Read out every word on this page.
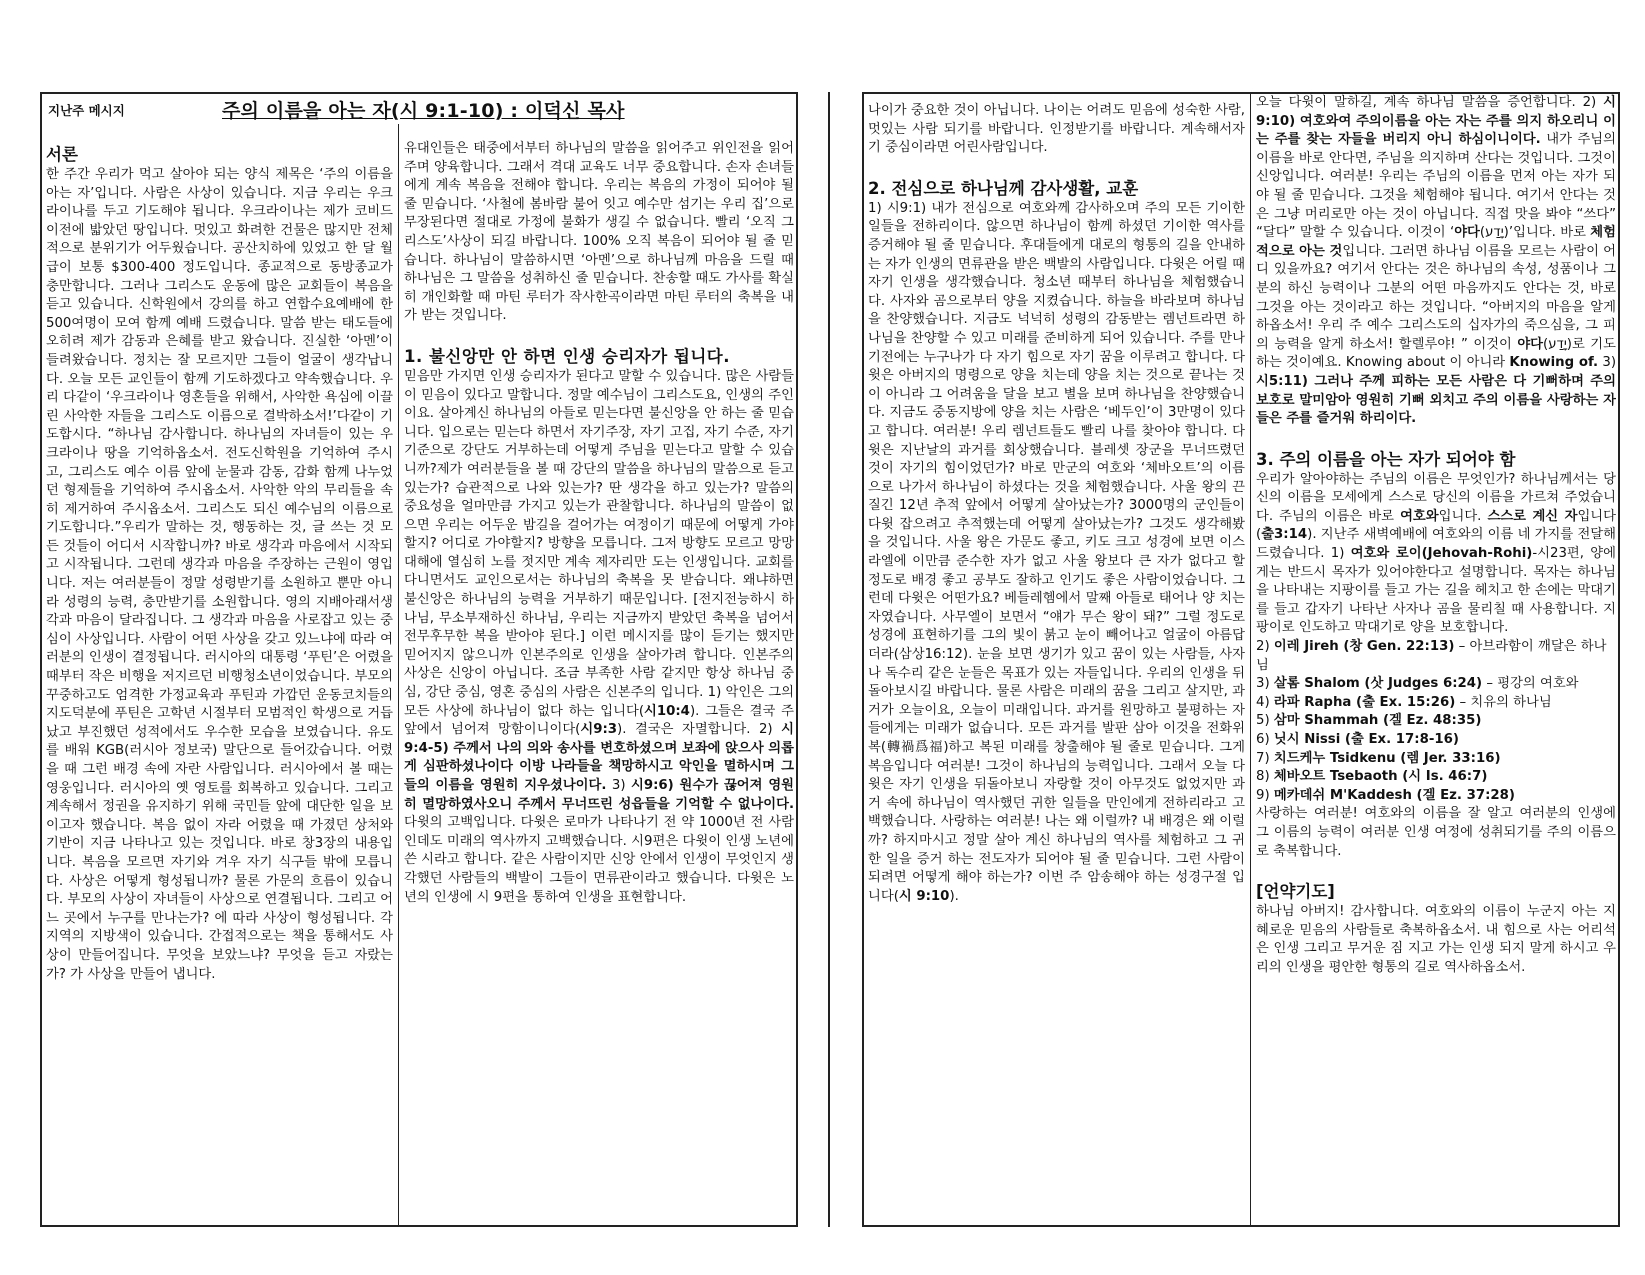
지난주 메시지	주의 이름을 아는 자(시 9:1-10) : 이덕신 목사
서론

한 주간 우리가 먹고 살아야 되는 양식 제목은 ‘주의 이름을 아는 자’입니다. 사람은 사상이 있습니다. 지금 우리는 우크라이나를 두고 기도해야 됩니다. 우크라이나는 제가 코비드 이전에 밟았던 땅입니다. 멋있고 화려한 건물은 많지만 전체적으로 분위기가 어두웠습니다. 공산치하에 있었고 한 달 월급이 보통 $300-400 정도입니다. 종교적으로 동방종교가 충만합니다. 그러나 그리스도 운동에 많은 교회들이 복음을 듣고 있습니다. 신학원에서 강의를 하고 연합수요예배에 한 500여명이 모여 함께 예배 드렸습니다. 말씀 받는 태도들에 오히려 제가 감동과 은혜를 받고 왔습니다. 진실한 ‘아멘’이 들려왔습니다. 정치는 잘 모르지만 그들이 얼굴이 생각납니다. 오늘 모든 교인들이 함께 기도하겠다고 약속했습니다. 우리 다같이 ‘우크라이나 영혼들을 위해서, 사악한 욕심에 이끌린 사악한 자들을 그리스도 이름으로 결박하소서!’다같이 기도합시다. “하나님 감사합니다. 하나님의 자녀들이 있는 우크라이나 땅을 기억하옵소서. 전도신학원을 기억하여 주시고, 그리스도 예수 이름 앞에 눈물과 감동, 감화 함께 나누었던 형제들을 기억하여 주시옵소서. 사악한 악의 무리들을 속히 제거하여 주시옵소서. 그리스도 되신 예수님의 이름으로 기도합니다.”우리가 말하는 것, 행동하는 것, 글 쓰는 것 모든 것들이 어디서 시작합니까? 바로 생각과 마음에서 시작되고 시작됩니다. 그런데 생각과 마음을 주장하는 근원이 영입니다. 저는 여러분들이 정말 성령받기를 소원하고 뿐만 아니라 성령의 능력, 충만받기를 소원합니다. 영의 지배아래서생각과 마음이 달라집니다. 그 생각과 마음을 사로잡고 있는 중심이 사상입니다. 사람이 어떤 사상을 갖고 있느냐에 따라 여러분의 인생이 결정됩니다. 러시아의 대통령 ‘푸틴’은 어렸을 때부터 작은 비행을 저지르던 비행청소년이었습니다. 부모의 꾸중하고도 엄격한 가정교육과 푸틴과 가깝던 운동코치들의 지도덕분에 푸틴은 고학년 시절부터 모범적인 학생으로 거듭났고 부진했던 성적에서도 우수한 모습을 보였습니다. 유도를 배워 KGB(러시아 정보국) 말단으로 들어갔습니다. 어렸을 때 그런 배경 속에 자란 사람입니다. 러시아에서 볼 때는 영웅입니다. 러시아의 옛 영토를 회복하고 있습니다. 그리고 계속해서 정권을 유지하기 위해 국민들 앞에 대단한 일을 보이고자 했습니다. 복음 없이 자라 어렸을 때 가졌던 상처와 기반이 지금 나타나고 있는 것입니다. 바로 창3장의 내용입니다. 복음을 모르면 자기와 겨우 자기 식구들 밖에 모릅니다. 사상은 어떻게 형성됩니까? 물론 가문의 흐름이 있습니다. 부모의 사상이 자녀들이 사상으로 연결됩니다. 그리고 어느 곳에서 누구를 만나는가? 에 따라 사상이 형성됩니다. 각 지역의 지방색이 있습니다. 간접적으로는 책을 통해서도 사상이 만들어집니다. 무엇을 보았느냐? 무엇을 듣고 자랐는가? 가 사상을 만들어 냅니다.

유대인들은 태중에서부터 하나님의 말씀을 읽어주고 위인전을 읽어주며 양육합니다. 그래서 격대 교육도 너무 중요합니다. 손자 손녀들에게 계속 복음을 전해야 합니다. 우리는 복음의 가정이 되어야 될 줄 믿습니다. ‘사철에 봄바람 불어 잇고 예수만 섬기는 우리 집’으로 무장된다면 절대로 가정에 불화가 생길 수 없습니다. 빨리 ‘오직 그리스도’사상이 되길 바랍니다. 100% 오직 복음이 되어야 될 줄 믿습니다. 하나님이 말씀하시면 ‘아멘’으로 하나님께 마음을 드릴 때 하나님은 그 말씀을 성취하신 줄 믿습니다. 찬송할 때도 가사를 확실히 개인화할 때 마틴 루터가 작사한곡이라면 마틴 루터의 축복을 내가 받는 것입니다.

1. 불신앙만 안 하면 인생 승리자가 됩니다.

믿음만 가지면 인생 승리자가 된다고 말할 수 있습니다. 많은 사람들이 믿음이 있다고 말합니다. 정말 예수님이 그리스도요, 인생의 주인이요. 살아계신 하나님의 아들로 믿는다면 불신앙을 안 하는 줄 믿습니다. 입으로는 믿는다 하면서 자기주장, 자기 고집, 자기 수준, 자기 기준으로 강단도 거부하는데 어떻게 주님을 믿는다고 말할 수 있습니까?제가 여러분들을 볼 때 강단의 말씀을 하나님의 말씀으로 듣고 있는가? 습관적으로 나와 있는가? 딴 생각을 하고 있는가? 말씀의 중요성을 얼마만큼 가지고 있는가 관찰합니다. 하나님의 말씀이 없으면 우리는 어두운 밤길을 걸어가는 여정이기 때문에 어떻게 가야할지? 어디로 가야할지? 방향을 모릅니다. 그저 방향도 모르고 망망대해에 열심히 노를 젓지만 계속 제자리만 도는 인생입니다. 교회를 다니면서도 교인으로서는 하나님의 축복을 못 받습니다. 왜냐하면 불신앙은 하나님의 능력을 거부하기 때문입니다. [전지전능하시 하나님, 무소부재하신 하나님, 우리는 지금까지 받았던 축복을 넘어서 전무후무한 복을 받아야 된다.] 이런 메시지를 많이 듣기는 했지만 믿어지지 않으니까 인본주의로 인생을 살아가려 합니다. 인본주의 사상은 신앙이 아닙니다. 조금 부족한 사람 같지만 항상 하나님 중심, 강단 중심, 영혼 중심의 사람은 신본주의 입니다. 1) 악인은 그의 모든 사상에 하나님이 없다 하는 입니다(시10:4). 그들은 결국 주 앞에서 넘어져 망함이니이다(시9:3). 결국은 자멸합니다. 2) 시9:4-5) 주께서 나의 의와 송사를 변호하셨으며 보좌에 앉으사 의롭게 심판하셨나이다 이방 나라들을 책망하시고 악인을 멸하시며 그들의 이름을 영원히 지우셨나이다. 3) 시9:6) 원수가 끊어져 영원히 멸망하였사오니 주께서 무너뜨린 성읍들을 기억할 수 없나이다. 다윗의 고백입니다. 다윗은 로마가 나타나기 전 약 1000년 전 사람인데도 미래의 역사까지 고백했습니다. 시9편은 다윗이 인생 노년에 쓴 시라고 합니다. 같은 사람이지만 신앙 안에서 인생이 무엇인지 생각했던 사람들의 백발이 그들이 면류관이라고 했습니다. 다윗은 노년의 인생에 시 9편을 통하여 인생을 표현합니다.

나이가 중요한 것이 아닙니다. 나이는 어려도 믿음에 성숙한 사람, 멋있는 사람 되기를 바랍니다. 인정받기를 바랍니다. 계속해서자기 중심이라면 어린사람입니다.

2. 전심으로 하나님께 감사생활, 교훈

1) 시9:1) 내가 전심으로 여호와께 감사하오며 주의 모든 기이한일들을 전하리이다. 않으면 하나님이 함께 하셨던 기이한 역사를 증거해야 될 줄 믿습니다. 후대들에게 대로의 형통의 길을 안내하는 자가 인생의 면류관을 받은 백발의 사람입니다. 다윗은 어릴 때 자기 인생을 생각했습니다. 청소년 때부터 하나님을 체험했습니다. 사자와 곰으로부터 양을 지켰습니다. 하늘을 바라보며 하나님을 찬양했습니다. 지금도 넉넉히 성령의 감동받는 렘넌트라면 하나님을 찬양할 수 있고 미래를 준비하게 되어 있습니다. 주를 만나기전에는 누구나가 다 자기 힘으로 자기 꿈을 이루려고 합니다. 다윗은 아버지의 명령으로 양을 치는데 양을 치는 것으로 끝나는 것이 아니라 그 어려움을 달을 보고 별을 보며 하나님을 찬양했습니다. 지금도 중동지방에 양을 치는 사람은 ‘베두인’이 3만명이 있다고 합니다. 여러분! 우리 렘넌트들도 빨리 나를 찾아야 합니다. 다윗은 지난날의 과거를 회상했습니다. 블레셋 장군을 무너뜨렸던 것이 자기의 힘이었던가? 바로 만군의 여호와 ‘체바오트’의 이름으로 나가서 하나님이 하셨다는 것을 체험했습니다. 사울 왕의 끈질긴 12년 추적 앞에서 어떻게 살아났는가? 3000명의 군인들이 다윗 잡으려고 추적했는데 어떻게 살아났는가? 그것도 생각해봤을 것입니다. 사울 왕은 가문도 좋고, 키도 크고 성경에 보면 이스라엘에 이만큼 준수한 자가 없고 사울 왕보다 큰 자가 없다고 할 정도로 배경 좋고 공부도 잘하고 인기도 좋은 사람이었습니다. 그런데 다윗은 어떤가요? 베들레헴에서 말째 아들로 태어나 양 치는 자였습니다. 사무엘이 보면서 “얘가 무슨 왕이 돼?” 그럴 정도로 성경에 표현하기를 그의 빛이 붉고 눈이 빼어나고 얼굴이 아름답더라(삼상16:12). 눈을 보면 생기가 있고 꿈이 있는 사람들, 사자나 독수리 같은 눈들은 목표가 있는 자들입니다. 우리의 인생을 뒤돌아보시길 바랍니다. 물론 사람은 미래의 꿈을 그리고 살지만, 과거가 오늘이요, 오늘이 미래입니다. 과거를 원망하고 불평하는 자들에게는 미래가 없습니다. 모든 과거를 발판 삼아 이것을 전화위복(轉禍爲福)하고 복된 미래를 창출해야 될 줄로 믿습니다. 그게 복음입니다 여러분! 그것이 하나님의 능력입니다. 그래서 오늘 다윗은 자기 인생을 뒤돌아보니 자랑할 것이 아무것도 없었지만 과거 속에 하나님이 역사했던 귀한 일들을 만인에게 전하리라고 고백했습니다. 사랑하는 여러분! 나는 왜 이럴까? 내 배경은 왜 이럴까? 하지마시고 정말 살아 계신 하나님의 역사를 체험하고 그 귀한 일을 증거 하는 전도자가 되어야 될 줄 믿습니다. 그런 사람이 되려면 어떻게 해야 하는가? 이번 주 암송해야 하는 성경구절 입니다(시 9:10).

오늘 다윗이 말하길, 계속 하나님 말씀을 증언합니다. 2) 시9:10) 여호와여 주의이름을 아는 자는 주를 의지 하오리니 이는 주를 찾는 자들을 버리지 아니 하심이니이다. 내가 주님의 이름을 바로 안다면, 주님을 의지하며 산다는 것입니다. 그것이 신앙입니다. 여러분! 우리는 주님의 이름을 먼저 아는 자가 되야 될 줄 믿습니다. 그것을 체험해야 됩니다. 여기서 안다는 것은 그냥 머리로만 아는 것이 아닙니다. 직접 맛을 봐야 “쓰다” “달다” 말할 수 있습니다. 이것이 ‘야다(יָדַע)’입니다. 바로 체험적으로 아는 것입니다. 그러면 하나님 이름을 모르는 사람이 어디 있을까요? 여기서 안다는 것은 하나님의 속성, 성품이나 그분의 하신 능력이나 그분의 어떤 마음까지도 안다는 것, 바로 그것을 아는 것이라고 하는 것입니다. “아버지의 마음을 알게 하옵소서! 우리 주 예수 그리스도의 십자가의 죽으심을, 그 피의 능력을 알게 하소서! 할렐루야! ” 이것이 야다(יָדַע)로 기도하는 것이예요. Knowing about 이 아니라 Knowing of. 3) 시5:11) 그러나 주께 피하는 모든 사람은 다 기뻐하며 주의 보호로 말미암아 영원히 기뻐 외치고 주의 이름을 사랑하는 자들은 주를 즐거워 하리이다.

3. 주의 이름을 아는 자가 되어야 함

우리가 알아야하는 주님의 이름은 무엇인가? 하나님께서는 당신의 이름을 모세에게 스스로 당신의 이름을 가르쳐 주었습니다. 주님의 이름은 바로 여호와입니다. 스스로 계신 자입니다(출3:14). 지난주 새벽예배에 여호와의 이름 네 가지를 전달해드렸습니다. 1) 여호와 로이(Jehovah-Rohi)-시23편, 양에게는 반드시 목자가 있어야한다고 설명합니다. 목자는 하나님을 나타내는 지팡이를 들고 가는 길을 헤치고 한 손에는 막대기를 들고 갑자기 나타난 사자나 곰을 물리칠 때 사용합니다. 지팡이로 인도하고 막대기로 양을 보호합니다.

2) 이레 Jireh (창 Gen. 22:13) – 아브라함이 깨달은 하나님
3) 살롬 Shalom (삿 Judges 6:24) – 평강의 여호와
4) 라파 Rapha (출 Ex. 15:26) – 치유의 하나님
5) 삼마 Shammah (겔 Ez. 48:35)
6) 닛시 Nissi (출 Ex. 17:8-16)
7) 치드케누 Tsidkenu (렘 Jer. 33:16)
8) 체바오트 Tsebaoth (시 Is. 46:7)
9) 메카데쉬 M'Kaddesh (겔 Ez. 37:28)

사랑하는 여러분! 여호와의 이름을 잘 알고 여러분의 인생에 그 이름의 능력이 여러분 인생 여정에 성취되기를 주의 이름으로 축복합니다.

[언약기도]

하나님 아버지! 감사합니다. 여호와의 이름이 누군지 아는 지혜로운 믿음의 사람들로 축복하옵소서. 내 힘으로 사는 어리석은 인생 그리고 무거운 짐 지고 가는 인생 되지 말게 하시고 우리의 인생을 평안한 형통의 길로 역사하옵소서.
